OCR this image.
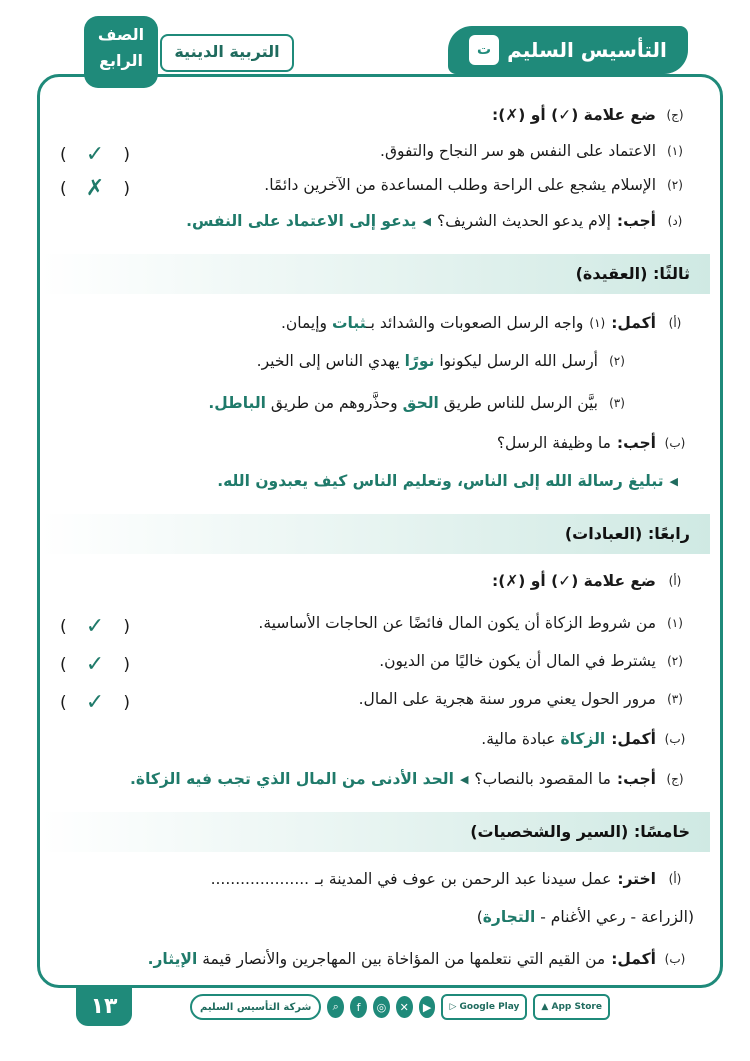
الصف
الرابع	التربية الدينية	التأسيس السليم
ت
(ج)
ضع علامة (✓) أو (✗):
(١)
الاعتماد على النفس هو سر النجاح والتفوق.
( ✓ )
(٢)
الإسلام يشجع على الراحة وطلب المساعدة من الآخرين دائمًا.
( ✗ )
(د)
أجب:
إلام يدعو الحديث الشريف؟
◀
يدعو إلى الاعتماد على النفس.
ثالثًا: (العقيدة)
(أ)
أكمل:
(١)
واجه الرسل الصعوبات والشدائد بـثبات وإيمان.
(٢)
أرسل الله الرسل ليكونوا نورًا يهدي الناس إلى الخير.
(٣)
بيَّن الرسل للناس طريق الحق وحذَّروهم من طريق الباطل.
(ب)
أجب:
ما وظيفة الرسل؟
◀
تبليغ رسالة الله إلى الناس، وتعليم الناس كيف يعبدون الله.
رابعًا: (العبادات)
(أ)
ضع علامة (✓) أو (✗):
(١)
من شروط الزكاة أن يكون المال فائضًا عن الحاجات الأساسية.
( ✓ )
(٢)
يشترط في المال أن يكون خاليًا من الديون.
( ✓ )
(٣)
مرور الحول يعني مرور سنة هجرية على المال.
( ✓ )
(ب)
أكمل:
الزكاة عبادة مالية.
(ج)
أجب:
ما المقصود بالنصاب؟
◀
الحد الأدنى من المال الذي تجب فيه الزكاة.
خامسًا: (السير والشخصيات)
(أ)
اختر:
عمل سيدنا عبد الرحمن بن عوف في المدينة بـ
....................
(الزراعة - رعي الأغنام - التجارة)
(ب)
أكمل:
من القيم التي نتعلمها من المؤاخاة بين المهاجرين والأنصار قيمة الإيثار.
١٣	شركة التأسيس السليم	⌕	f	◎	✕	▶	▷ Google Play ▲ App Store
